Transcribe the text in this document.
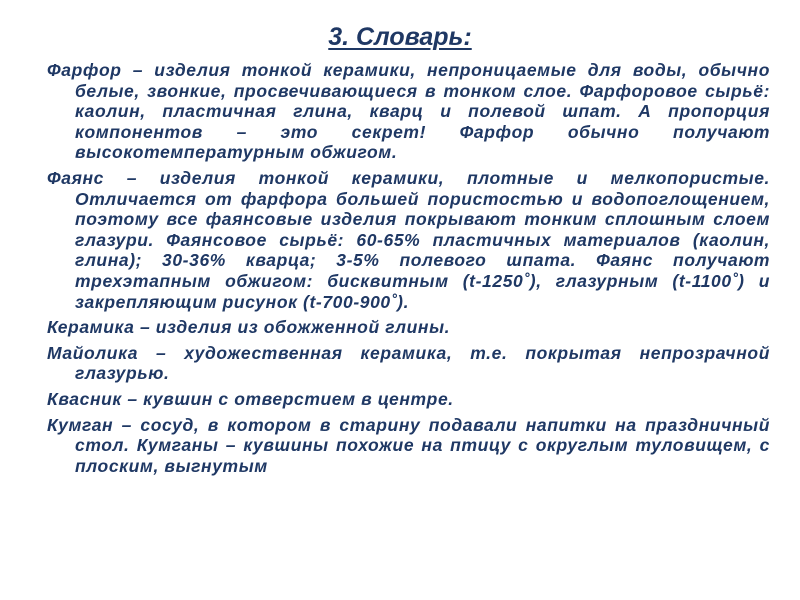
3. Словарь:

Фарфор – изделия тонкой керамики, непроницаемые для воды, обычно белые, звонкие, просвечивающиеся в тонком слое. Фарфоровое сырьё: каолин, пластичная глина, кварц и полевой шпат. А пропорция компонентов – это секрет! Фарфор обычно получают высокотемпературным обжигом.

Фаянс – изделия тонкой керамики, плотные и мелкопористые. Отличается от фарфора большей пористостью и водопоглощением, поэтому все фаянсовые изделия покрывают тонким сплошным слоем глазури. Фаянсовое сырьё: 60-65% пластичных материалов (каолин, глина); 30-36% кварца; 3-5% полевого шпата. Фаянс получают трехэтапным обжигом: бисквитным (t-1250˚), глазурным (t-1100˚) и закрепляющим рисунок (t-700-900˚).

Керамика – изделия из обожженной глины.

Майолика – художественная керамика, т.е. покрытая непрозрачной глазурью.

Квасник – кувшин с отверстием в центре.

Кумган – сосуд, в котором в старину подавали напитки на праздничный стол. Кумганы – кувшины похожие на птицу с округлым туловищем, с плоским, выгнутым
